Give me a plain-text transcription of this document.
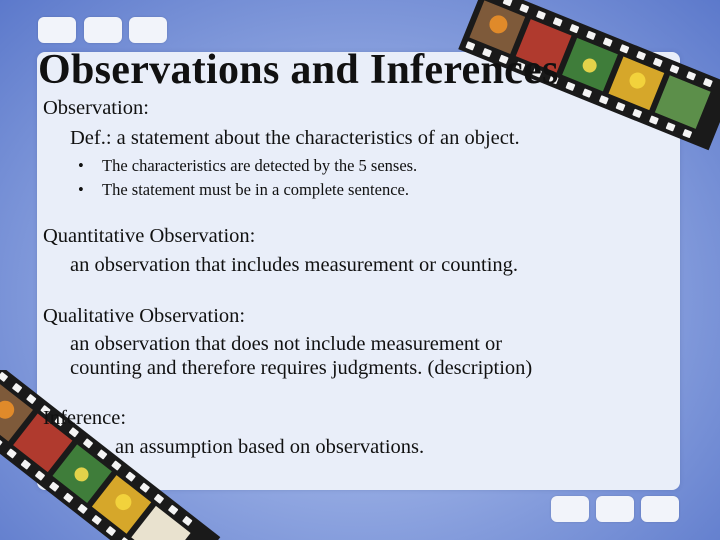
Observations and Inferences

Observation:

Def.: a statement about the characteristics of an object.

• The characteristics are detected by the 5 senses.

• The statement must be in a complete sentence.

Quantitative Observation:

an observation that includes measurement or counting.

Qualitative Observation:

an observation that does not include measurement or

counting and therefore requires judgments. (description)

Inference:

an assumption based on observations.
